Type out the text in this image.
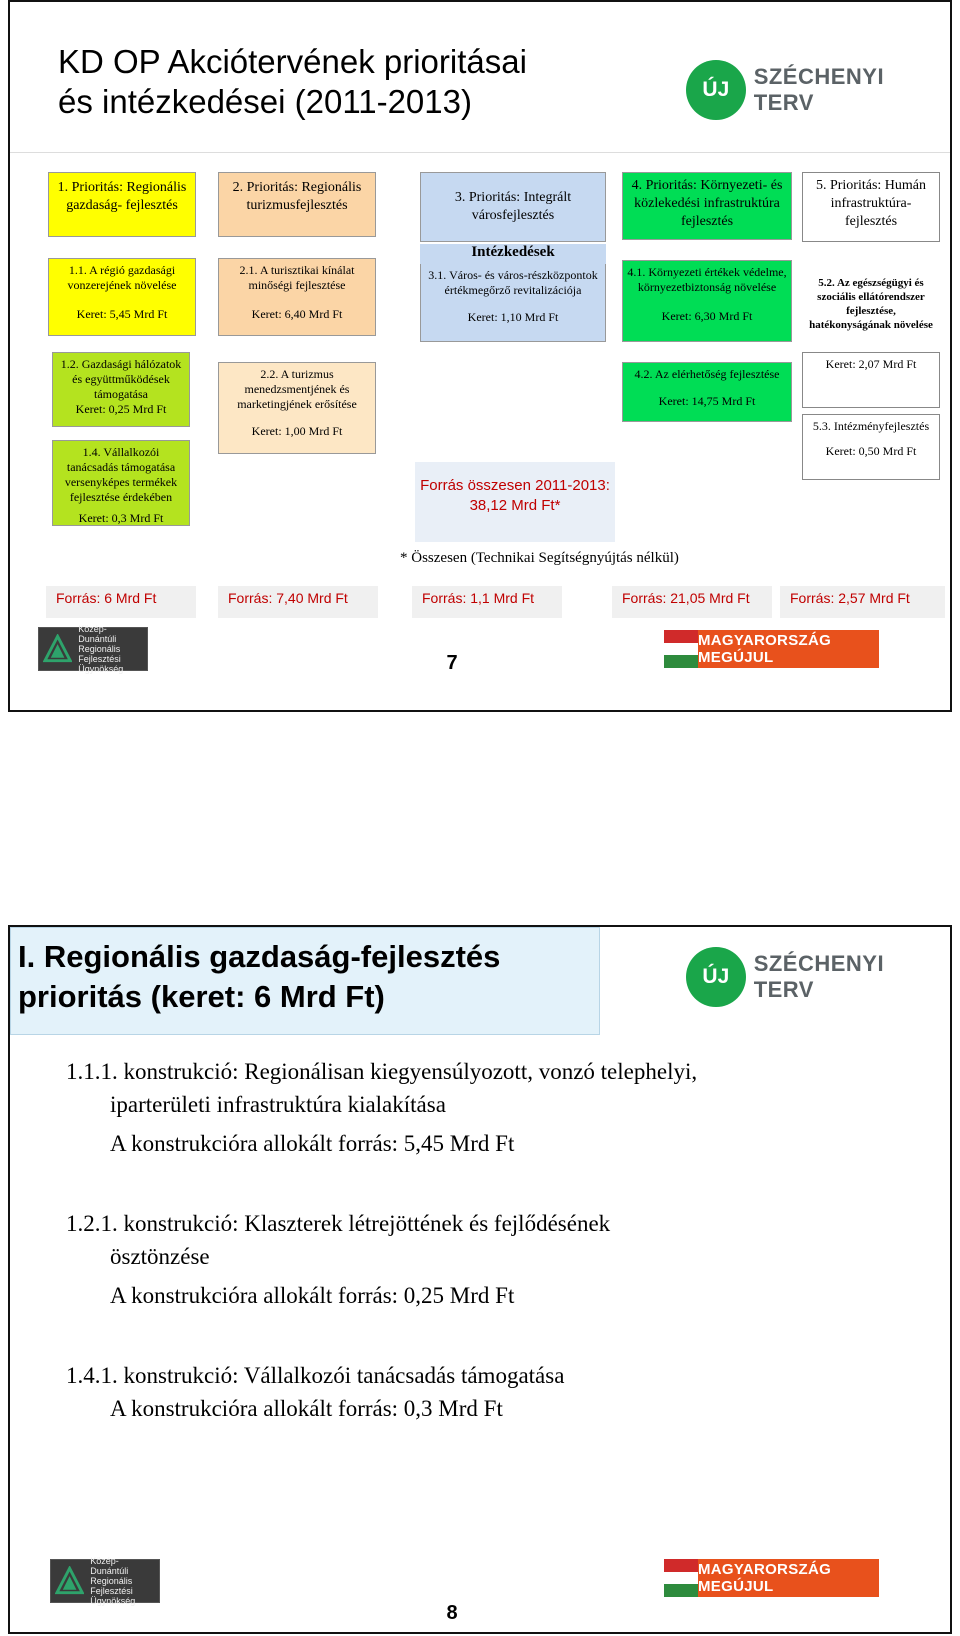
KD OP Akciótervének prioritásai
és intézkedései (2011-2013)	ÚJ
SZÉCHENYI TERV
1. Prioritás: Regionális gazdaság- fejlesztés
1.1. A régió gazdasági vonzerejének növelése
Keret: 5,45 Mrd Ft
1.2. Gazdasági hálózatok és együttműködések támogatása
Keret: 0,25 Mrd Ft
1.4. Vállalkozói tanácsadás támogatása versenyképes termékek fejlesztése érdekében
Keret: 0,3 Mrd Ft
2. Prioritás: Regionális turizmusfejlesztés
2.1. A turisztikai kínálat minőségi fejlesztése
Keret: 6,40 Mrd Ft
2.2. A turizmus menedzsmentjének és marketingjének erősítése
Keret: 1,00 Mrd Ft
3. Prioritás: Integrált városfejlesztés
Intézkedések
3.1. Város- és város-részközpontok értékmegőrző revitalizációja
Keret: 1,10 Mrd Ft
Forrás összesen 2011-2013:
38,12 Mrd Ft*
4. Prioritás: Környezeti- és közlekedési infrastruktúra fejlesztés
4.1. Környezeti értékek védelme, környezetbiztonság növelése
Keret: 6,30 Mrd Ft
4.2. Az elérhetőség fejlesztése
Keret: 14,75 Mrd Ft
5. Prioritás: Humán infrastruktúra-fejlesztés
5.2. Az egészségügyi és szociális ellátórendszer fejlesztése, hatékonyságának növelése
Keret: 2,07 Mrd Ft
5.3. Intézményfejlesztés
Keret: 0,50 Mrd Ft
* Összesen (Technikai Segítségnyújtás nélkül)
Forrás: 6 Mrd Ft	Forrás: 7,40 Mrd Ft	Forrás: 1,1 Mrd Ft	Forrás: 21,05 Mrd Ft	Forrás: 2,57 Mrd Ft
Közép-Dunántúli
Regionális
Fejlesztési
Ügynökség
MAGYARORSZÁG MEGÚJUL
7
I. Regionális gazdaság-fejlesztés
prioritás (keret: 6 Mrd Ft)
ÚJ
SZÉCHENYI TERV
1.1.1. konstrukció: Regionálisan kiegyensúlyozott, vonzó telephelyi,
iparterületi infrastruktúra kialakítása
A konstrukcióra allokált forrás: 5,45 Mrd Ft
1.2.1. konstrukció: Klaszterek létrejöttének és fejlődésének
ösztönzése
A konstrukcióra allokált forrás: 0,25 Mrd Ft
1.4.1. konstrukció: Vállalkozói tanácsadás támogatása
A konstrukcióra allokált forrás: 0,3 Mrd Ft
Közép-Dunántúli
Regionális
Fejlesztési
Ügynökség
MAGYARORSZÁG MEGÚJUL
8
